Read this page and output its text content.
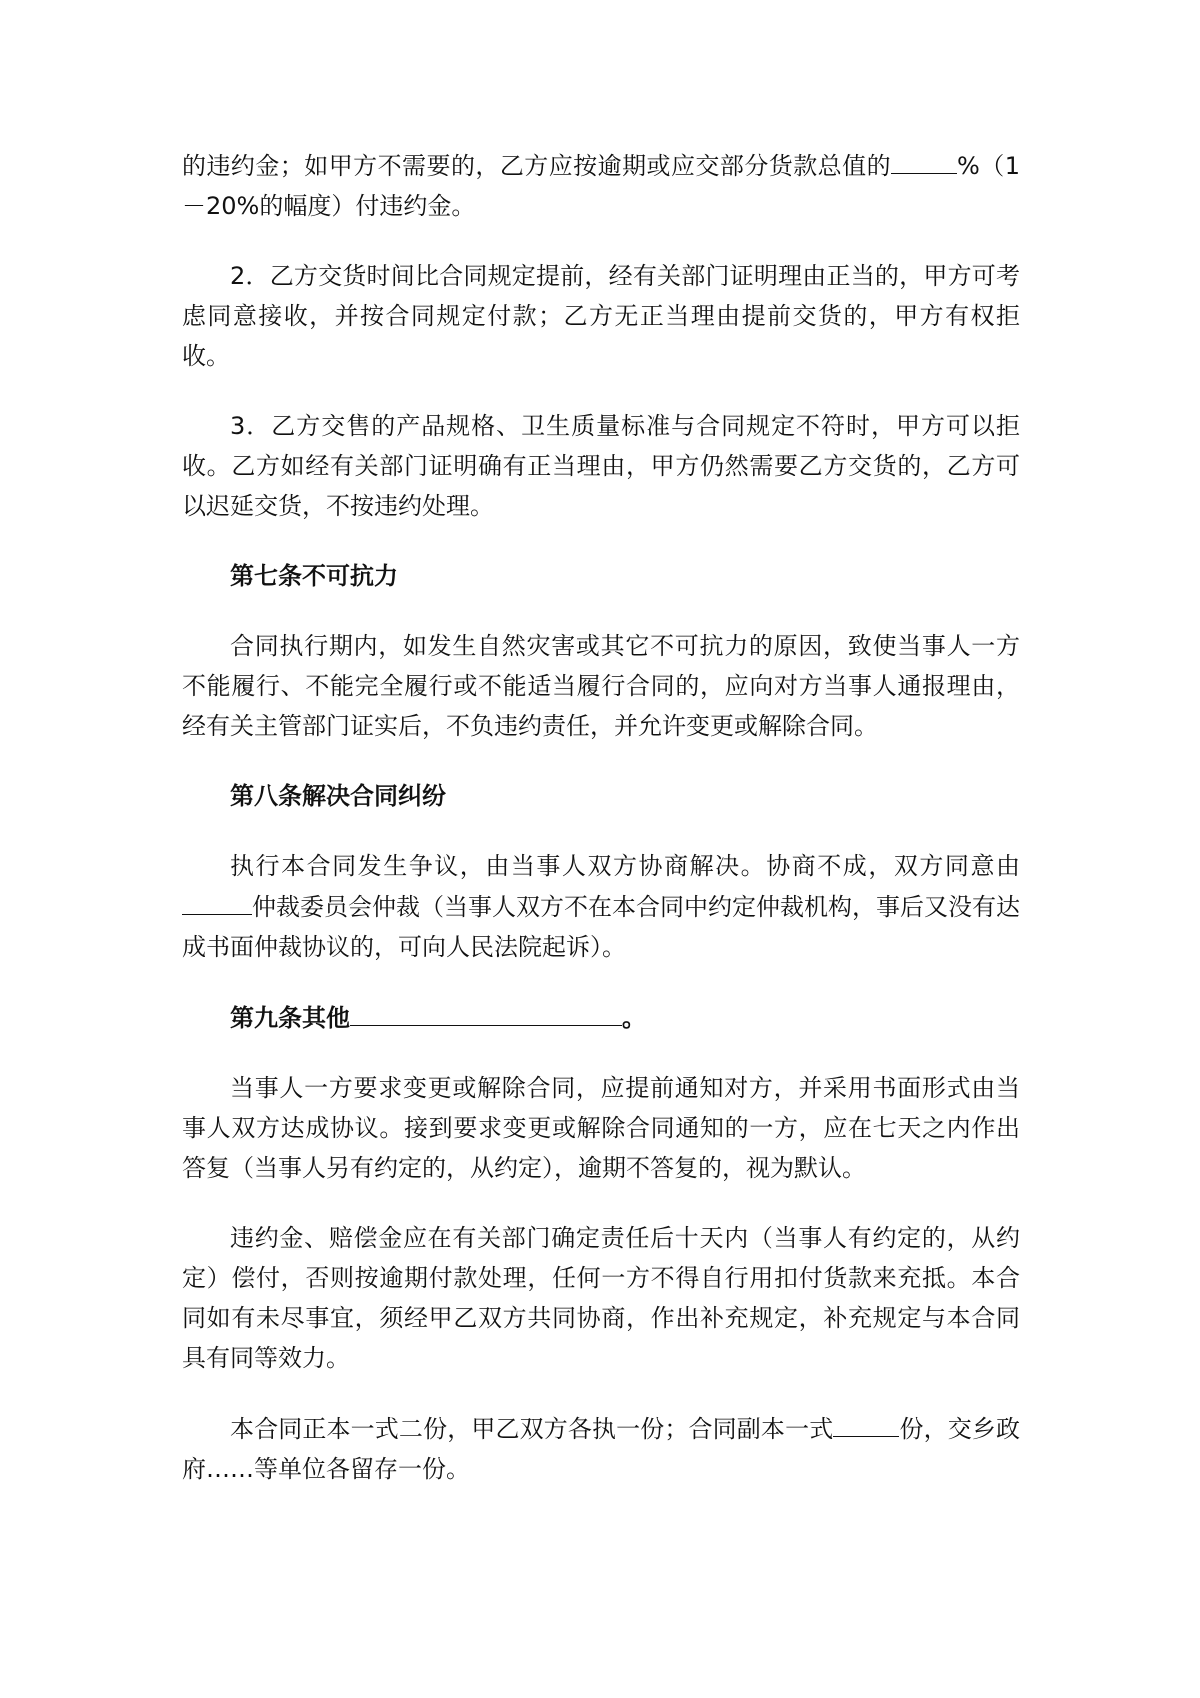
的违约金；如甲方不需要的，乙方应按逾期或应交部分货款总值的	%（1－20%的幅度）付违约金。

2．乙方交货时间比合同规定提前，经有关部门证明理由正当的，甲方可考虑同意接收，并按合同规定付款；乙方无正当理由提前交货的，甲方有权拒收。

3．乙方交售的产品规格、卫生质量标准与合同规定不符时，甲方可以拒收。乙方如经有关部门证明确有正当理由，甲方仍然需要乙方交货的，乙方可以迟延交货，不按违约处理。

第七条不可抗力

合同执行期内，如发生自然灾害或其它不可抗力的原因，致使当事人一方不能履行、不能完全履行或不能适当履行合同的，应向对方当事人通报理由，经有关主管部门证实后，不负违约责任，并允许变更或解除合同。

第八条解决合同纠纷

执行本合同发生争议，由当事人双方协商解决。协商不成，双方同意由仲裁委员会仲裁（当事人双方不在本合同中约定仲裁机构，事后又没有达成书面仲裁协议的，可向人民法院起诉）。

第九条其他	。

当事人一方要求变更或解除合同，应提前通知对方，并采用书面形式由当事人双方达成协议。接到要求变更或解除合同通知的一方，应在七天之内作出答复（当事人另有约定的，从约定），逾期不答复的，视为默认。

违约金、赔偿金应在有关部门确定责任后十天内（当事人有约定的，从约定）偿付，否则按逾期付款处理，任何一方不得自行用扣付货款来充抵。本合同如有未尽事宜，须经甲乙双方共同协商，作出补充规定，补充规定与本合同具有同等效力。

本合同正本一式二份，甲乙双方各执一份；合同副本一式	份，交乡政府……等单位各留存一份。
